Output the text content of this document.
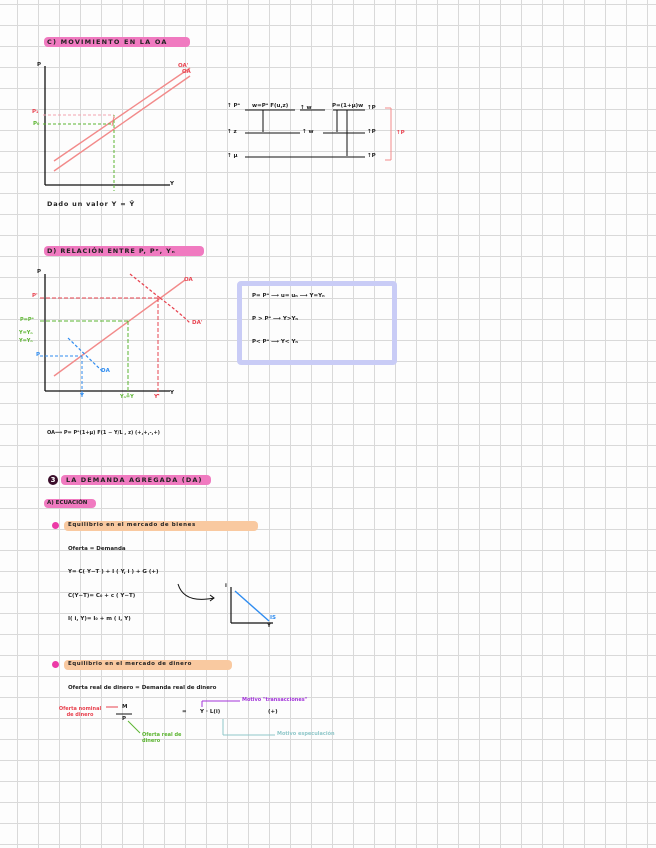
C) MOVIMIENTO EN LA OA
P
Y
P₁
P₀
OA'
OA
Dado un valor Y = Ȳ
↑ Pᵉ w=Pᵉ F(u,z) ↑ w	P=(1+μ)w ↑P
↑ z	↑ w	↑P
↑ μ	↑P
↑P
D) RELACIÓN ENTRE P, Pᵉ, Yₙ
P
Y
OA
DA'
DA
P'
P=Pᵉ
Y=Yₙ
Y=Yₙ
P
Y	Yₙ=Y	Y'
P= Pᵉ ⟶ u= uₙ ⟶ Y=Yₙ
P > Pᵉ ⟶ Y>Yₙ
P< Pᵉ ⟶ Y< Yₙ
OA⟹ P= Pᵉ(1+μ) F(1 − Y/L , z) (+,+,-,+)
3	LA DEMANDA AGREGADA (DA)
A) ECUACIÓN
Equilibrio en el mercado de bienes
Oferta = Demanda
Y= C( Y−T ) + I ( Y, i ) + G (+)
C(Y−T)= C₀ + c ( Y−T)
I( i, Y)= I₀ + m ( i, Y)
i
Y
IS
Equilibrio en el mercado de dinero
Oferta real de dinero = Demanda real de dinero
M
P
= Y · L(i)	(+)
Oferta nominal de dinero
Oferta real de dinero
Motivo "transacciones"
Motivo especulación
